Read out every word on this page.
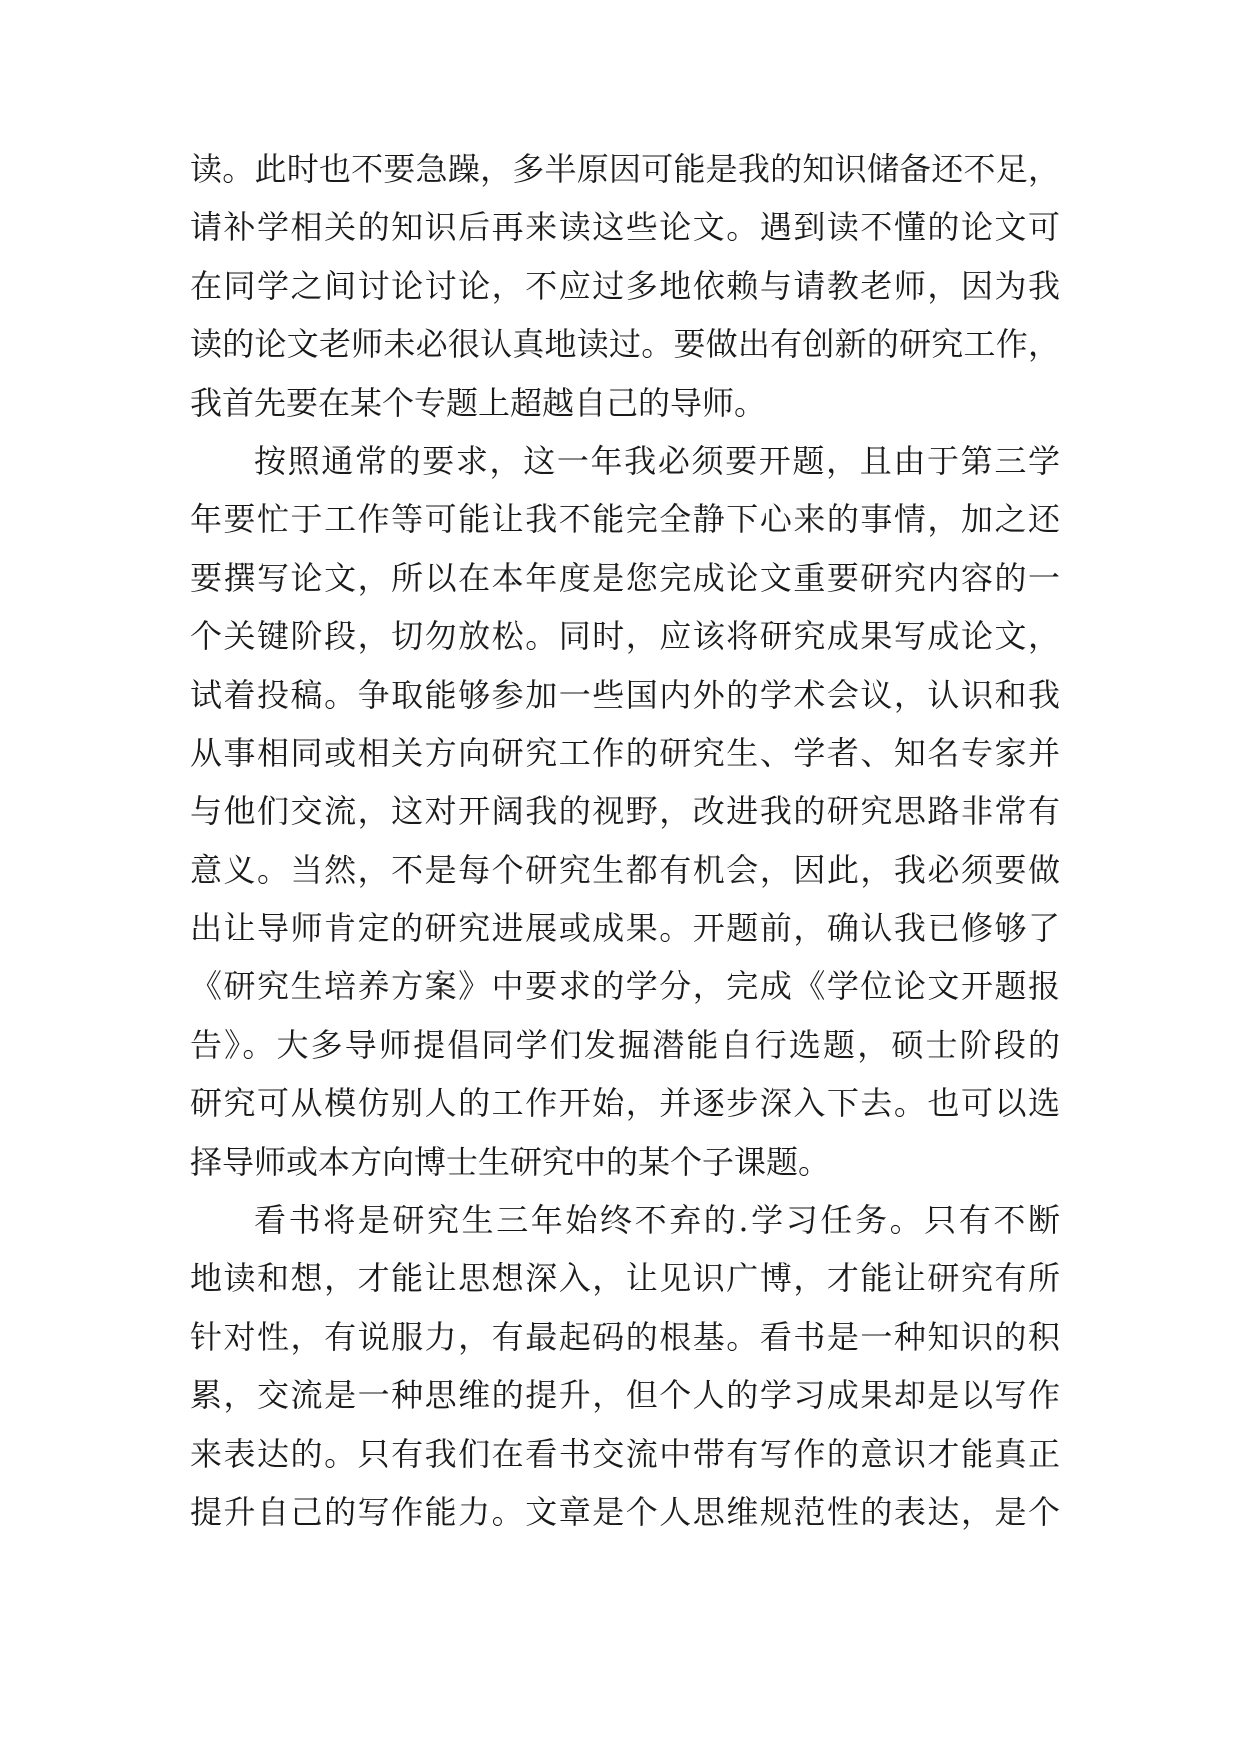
读。此时也不要急躁，多半原因可能是我的知识储备还不足，
请补学相关的知识后再来读这些论文。遇到读不懂的论文可
在同学之间讨论讨论，不应过多地依赖与请教老师，因为我
读的论文老师未必很认真地读过。要做出有创新的研究工作，
我首先要在某个专题上超越自己的导师。
按照通常的要求，这一年我必须要开题，且由于第三学
年要忙于工作等可能让我不能完全静下心来的事情，加之还
要撰写论文，所以在本年度是您完成论文重要研究内容的一
个关键阶段，切勿放松。同时，应该将研究成果写成论文，
试着投稿。争取能够参加一些国内外的学术会议，认识和我
从事相同或相关方向研究工作的研究生、学者、知名专家并
与他们交流，这对开阔我的视野，改进我的研究思路非常有
意义。当然，不是每个研究生都有机会，因此，我必须要做
出让导师肯定的研究进展或成果。开题前，确认我已修够了
《研究生培养方案》中要求的学分，完成《学位论文开题报
告》。大多导师提倡同学们发掘潜能自行选题，硕士阶段的
研究可从模仿别人的工作开始，并逐步深入下去。也可以选
择导师或本方向博士生研究中的某个子课题。
看书将是研究生三年始终不弃的.学习任务。只有不断
地读和想，才能让思想深入，让见识广博，才能让研究有所
针对性，有说服力，有最起码的根基。看书是一种知识的积
累，交流是一种思维的提升，但个人的学习成果却是以写作
来表达的。只有我们在看书交流中带有写作的意识才能真正
提升自己的写作能力。文章是个人思维规范性的表达，是个
